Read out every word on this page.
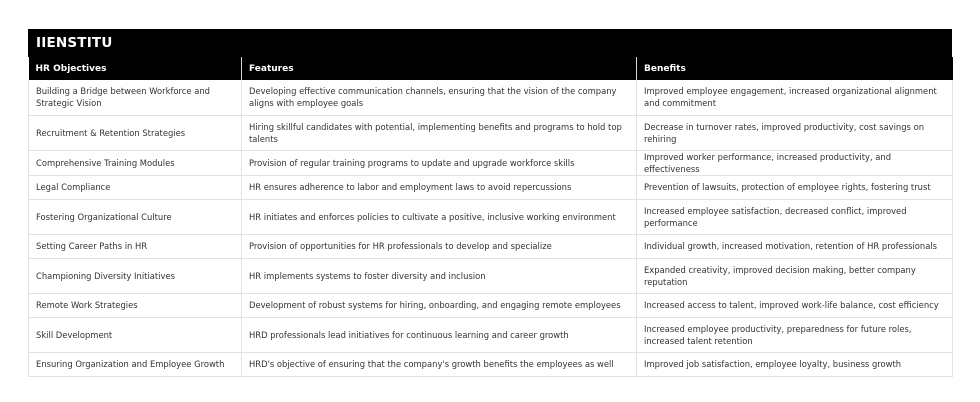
IIENSTITU
HR Objectives	Features	Benefits
Building a Bridge between Workforce and Strategic Vision	Developing effective communication channels, ensuring that the vision of the company aligns with employee goals	Improved employee engagement, increased organizational alignment and commitment
Recruitment & Retention Strategies	Hiring skillful candidates with potential, implementing benefits and programs to hold top talents	Decrease in turnover rates, improved productivity, cost savings on rehiring
Comprehensive Training Modules	Provision of regular training programs to update and upgrade workforce skills	Improved worker performance, increased productivity, and effectiveness
Legal Compliance	HR ensures adherence to labor and employment laws to avoid repercussions	Prevention of lawsuits, protection of employee rights, fostering trust
Fostering Organizational Culture	HR initiates and enforces policies to cultivate a positive, inclusive working environment	Increased employee satisfaction, decreased conflict, improved performance
Setting Career Paths in HR	Provision of opportunities for HR professionals to develop and specialize	Individual growth, increased motivation, retention of HR professionals
Championing Diversity Initiatives	HR implements systems to foster diversity and inclusion	Expanded creativity, improved decision making, better company reputation
Remote Work Strategies	Development of robust systems for hiring, onboarding, and engaging remote employees	Increased access to talent, improved work-life balance, cost efficiency
Skill Development	HRD professionals lead initiatives for continuous learning and career growth	Increased employee productivity, preparedness for future roles, increased talent retention
Ensuring Organization and Employee Growth	HRD's objective of ensuring that the company's growth benefits the employees as well	Improved job satisfaction, employee loyalty, business growth
